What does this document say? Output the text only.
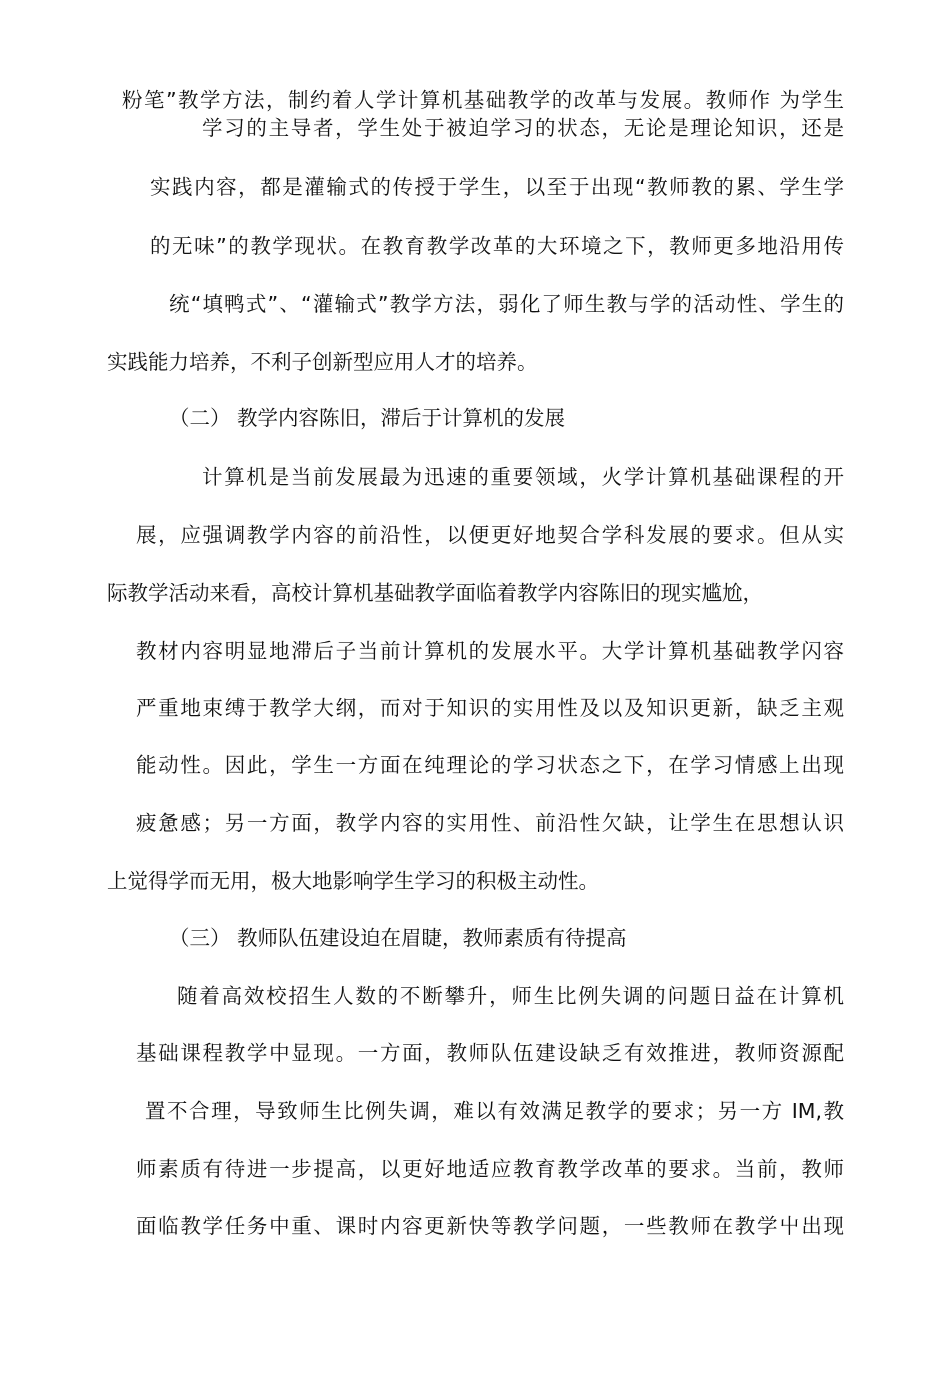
粉笔”教学方法，制约着人学计算机基础教学的改革与发展。教师作 为学生
学习的主导者，学生处于被迫学习的状态，无论是理论知识，还是
实践内容，都是灌输式的传授于学生，以至于出现“教师教的累、学生学
的无味”的教学现状。在教育教学改革的大环境之下，教师更多地沿用传
统“填鸭式”、“灌输式”教学方法，弱化了师生教与学的活动性、学生的
实践能力培养，不利子创新型应用人才的培养。
（二） 教学内容陈旧，滞后于计算机的发展
计算机是当前发展最为迅速的重要领域，火学计算机基础课程的开
展，应强调教学内容的前沿性，以便更好地契合学科发展的要求。但从实
际教学活动来看，高校计算机基础教学面临着教学内容陈旧的现实尴尬，
教材内容明显地滞后子当前计算机的发展水平。大学计算机基础教学闪容
严重地束缚于教学大纲，而对于知识的实用性及以及知识更新，缺乏主观
能动性。因此，学生一方面在纯理论的学习状态之下，在学习情感上出现
疲惫感；另一方面，教学内容的实用性、前沿性欠缺，让学生在思想认识
上觉得学而无用，极大地影响学生学习的积极主动性。
（三） 教师队伍建设迫在眉睫，教师素质有待提高
随着高效校招生人数的不断攀升，师生比例失调的问题日益在计算机
基础课程教学中显现。一方面，教师队伍建设缺乏有效推进，教师资源配
置不合理，导致师生比例失调，难以有效满足教学的要求；另一方 IM,教
师素质有待进一步提高，以更好地适应教育教学改革的要求。当前，教师
面临教学任务中重、课时内容更新快等教学问题，一些教师在教学屮出现
